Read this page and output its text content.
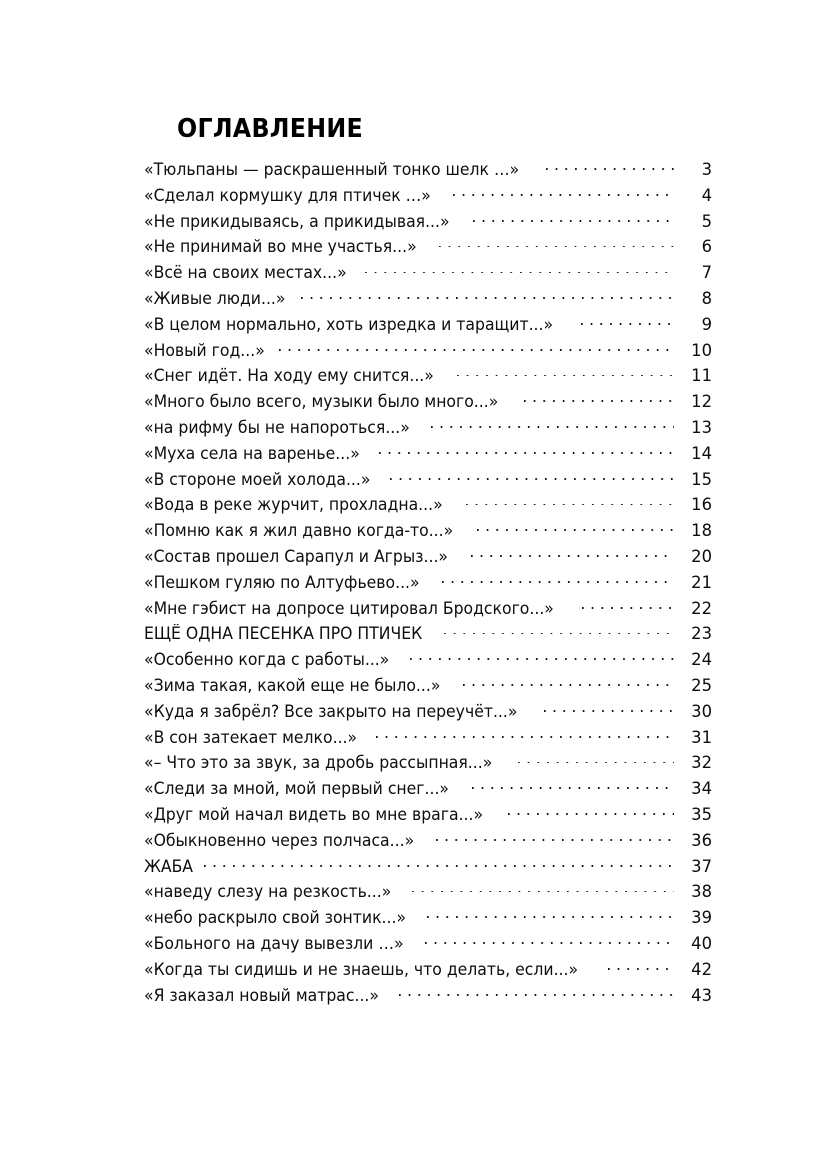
ОГЛАВЛЕНИЕ
«Тюльпаны — раскрашенный тонко шелк …»	3
«Сделал кормушку для птичек …»	4
«Не прикидываясь, а прикидывая...»	5
«Не принимай во мне участья...»	6
«Всё на своих местах...»	7
«Живые люди...»	8
«В целом нормально, хоть изредка и таращит...»	9
«Новый год...»	10
«Снег идёт. На ходу ему снится...»	11
«Много было всего, музыки было много...»	12
«на рифму бы не напороться...»	13
«Муха села на варенье...»	14
«В стороне моей холода...»	15
«Вода в реке журчит, прохладна...»	16
«Помню как я жил давно когда-то...»	18
«Состав прошел Сарапул и Агрыз...»	20
«Пешком гуляю по Алтуфьево...»	21
«Мне гэбист на допросе цитировал Бродского...»	22
ЕЩЁ ОДНА ПЕСЕНКА ПРО ПТИЧЕК	23
«Особенно когда с работы...»	24
«Зима такая, какой еще не было...»	25
«Куда я забрёл? Все закрыто на переучёт...»	30
«В сон затекает мелко...»	31
«– Что это за звук, за дробь рассыпная...»	32
«Следи за мной, мой первый снег...»	34
«Друг мой начал видеть во мне врага...»	35
«Обыкновенно через полчаса...»	36
ЖАБА	37
«наведу слезу на резкость...»	38
«небо раскрыло свой зонтик...»	39
«Больного на дачу вывезли …»	40
«Когда ты сидишь и не знаешь, что делать, если...»	42
«Я заказал новый матрас...»	43
